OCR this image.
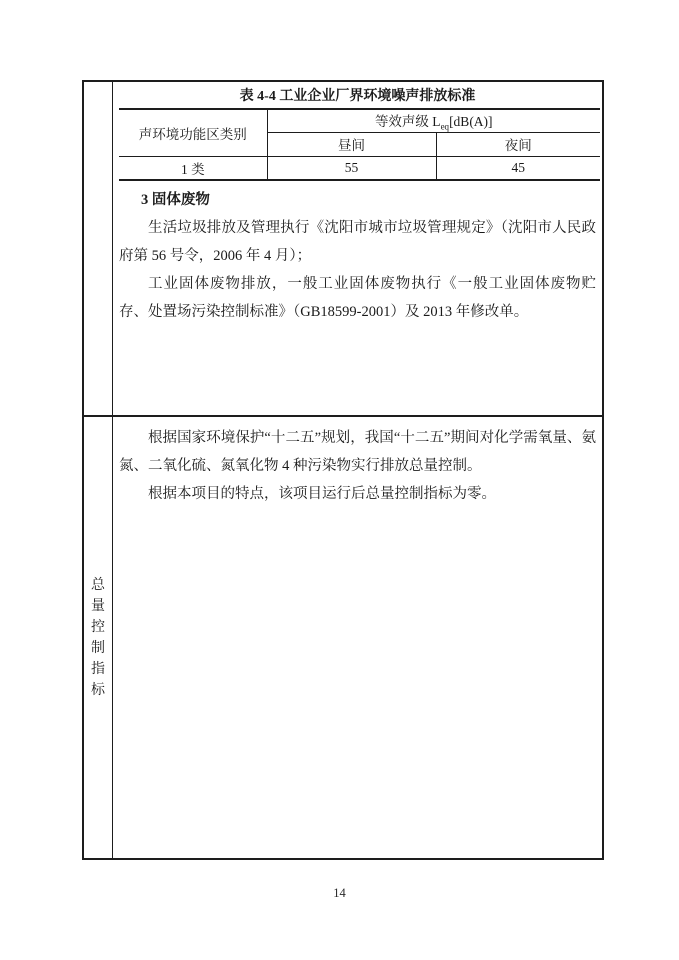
表 4-4 工业企业厂界环境噪声排放标准
声环境功能区类别	等效声级 $L_{eq}[dB(A)]$	
	昼间	夜间
1 类	55	45
3 固体废物

生活垃圾排放及管理执行《沈阳市城市垃圾管理规定》（沈阳市人民政府第 56 号令，2006 年 4 月）；

工业固体废物排放，一般工业固体废物执行《一般工业固体废物贮存、处置场污染控制标准》（GB18599-2001）及 2013 年修改单。

总量控制指标

根据国家环境保护“十二五”规划，我国“十二五”期间对化学需氧量、氨氮、二氧化硫、氮氧化物 4 种污染物实行排放总量控制。

根据本项目的特点，该项目运行后总量控制指标为零。

14
